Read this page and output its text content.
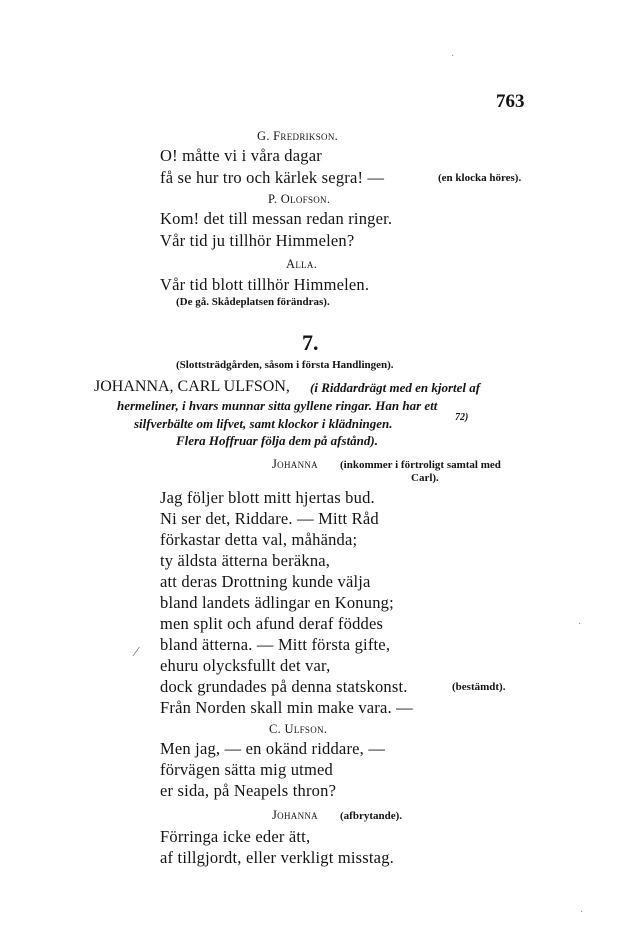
763
G. Fredrikson.
O! måtte vi i våra dagar
få se hur tro och kärlek segra! —	(en klocka höres).
P. Olofson.
Kom! det till messan redan ringer.
Vår tid ju tillhör Himmelen?
Alla.
Vår tid blott tillhör Himmelen.
(De gå. Skådeplatsen förändras).
7.
(Slottsträdgården, såsom i första Handlingen).
JOHANNA, CARL ULFSON, (i Riddardrägt med en kjortel af
hermeliner, i hvars munnar sitta gyllene ringar. Han har ett
silfverbälte om lifvet, samt klockor i klädningen.	72)
Flera Hoffruar följa dem på afstånd).
Johanna (inkommer i förtroligt samtal med
Carl).
Jag följer blott mitt hjertas bud.
Ni ser det, Riddare. — Mitt Råd
förkastar detta val, måhända;
ty äldsta ätterna beräkna,
att deras Drottning kunde välja
bland landets ädlingar en Konung;
men split och afund deraf föddes
bland ätterna. — Mitt första gifte,
ehuru olycksfullt det var,
dock grundades på denna statskonst.	(bestämdt).
Från Norden skall min make vara. —
C. Ulfson.
Men jag, — en okänd riddare, —
förvägen sätta mig utmed
er sida, på Neapels thron?
Johanna (afbrytande).
Förringa icke eder ätt,
af tillgjordt, eller verkligt misstag.
⁄
·
·
·
